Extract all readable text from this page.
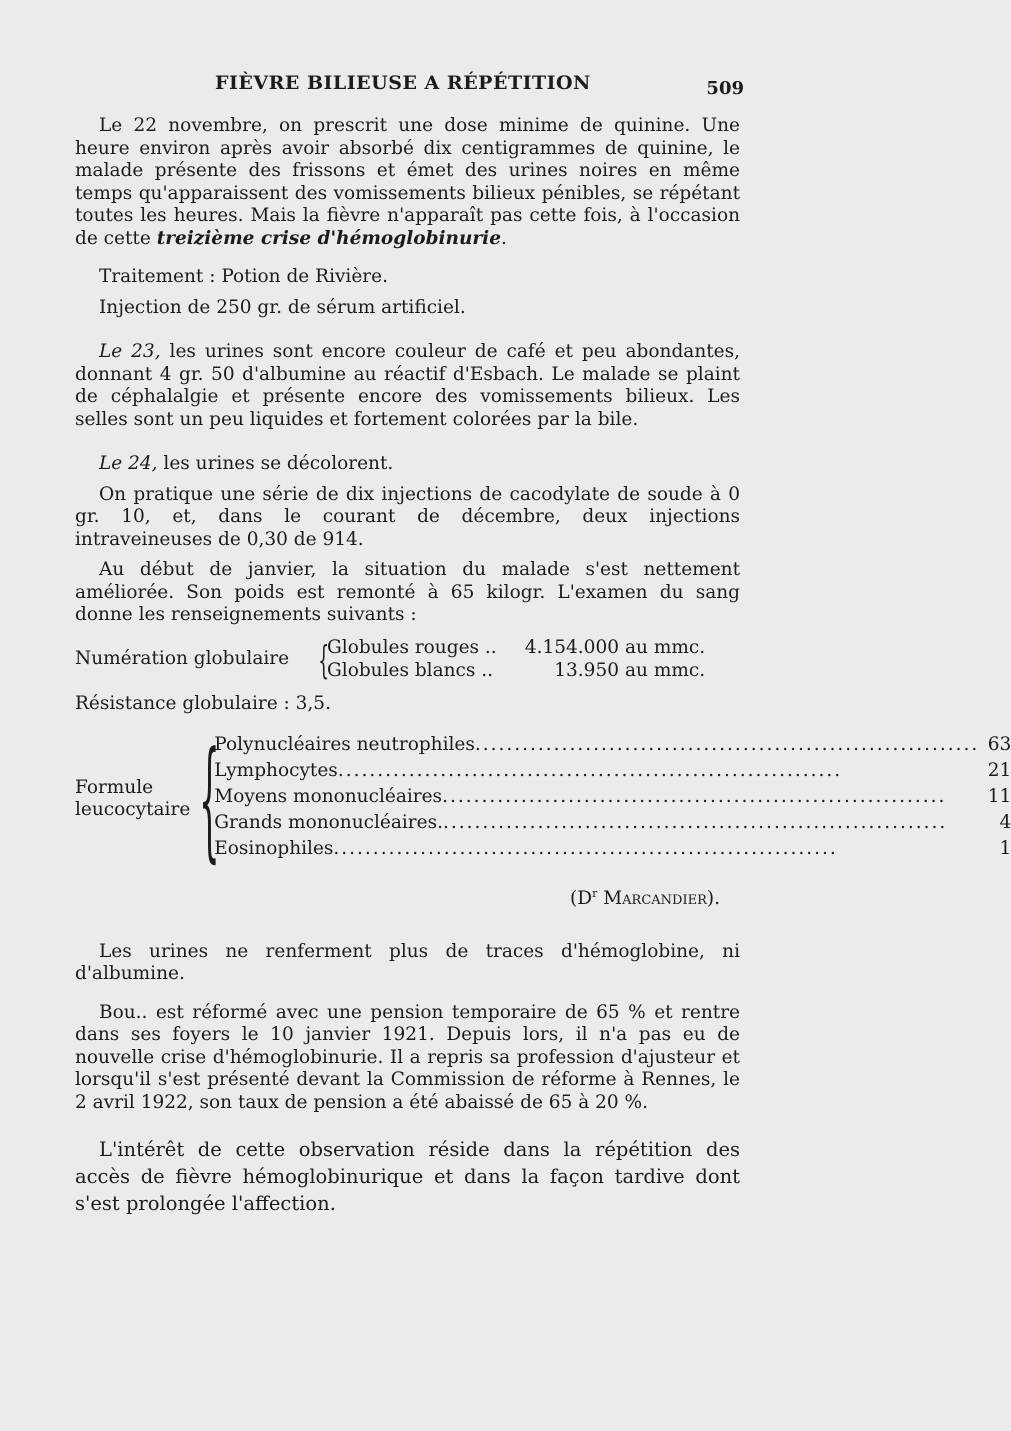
FIÈVRE BILIEUSE A RÉPÉTITION	509

Le 22 novembre, on prescrit une dose minime de quinine. Une heure environ après avoir absorbé dix centigrammes de quinine, le malade présente des frissons et émet des urines noires en même temps qu'apparaissent des vomissements bilieux pénibles, se répétant toutes les heures. Mais la fièvre n'apparaît pas cette fois, à l'occasion de cette treizième crise d'hémoglobinurie.

Traitement : Potion de Rivière.

Injection de 250 gr. de sérum artificiel.

Le 23, les urines sont encore couleur de café et peu abondantes, donnant 4 gr. 50 d'albumine au réactif d'Esbach. Le malade se plaint de céphalalgie et présente encore des vomissements bilieux. Les selles sont un peu liquides et fortement colorées par la bile.

Le 24, les urines se décolorent.

On pratique une série de dix injections de cacodylate de soude à 0 gr. 10, et, dans le courant de décembre, deux injections intraveineuses de 0,30 de 914.

Au début de janvier, la situation du malade s'est nettement améliorée. Son poids est remonté à 65 kilogr. L'examen du sang donne les renseignements suivants :

Numération globulaire {
Globules rouges ..	4.154.000 au mmc.
Globules blancs ..	13.950 au mmc.

Résistance globulaire : 3,5.

Formule leucocytaire {
Polynucléaires neutrophiles .....	63
Lymphocytes .....	21
Moyens mononucléaires .....	11
Grands mononucléaires. .....	4
Eosinophiles .....	1
($D^r$ Marcandier).

Les urines ne renferment plus de traces d'hémoglobine, ni d'albumine.

Bou.. est réformé avec une pension temporaire de 65 % et rentre dans ses foyers le 10 janvier 1921. Depuis lors, il n'a pas eu de nouvelle crise d'hémoglobinurie. Il a repris sa profession d'ajusteur et lorsqu'il s'est présenté devant la Commission de réforme à Rennes, le 2 avril 1922, son taux de pension a été abaissé de 65 à 20 %.

L'intérêt de cette observation réside dans la répétition des accès de fièvre hémoglobinurique et dans la façon tardive dont s'est prolongée l'affection.
